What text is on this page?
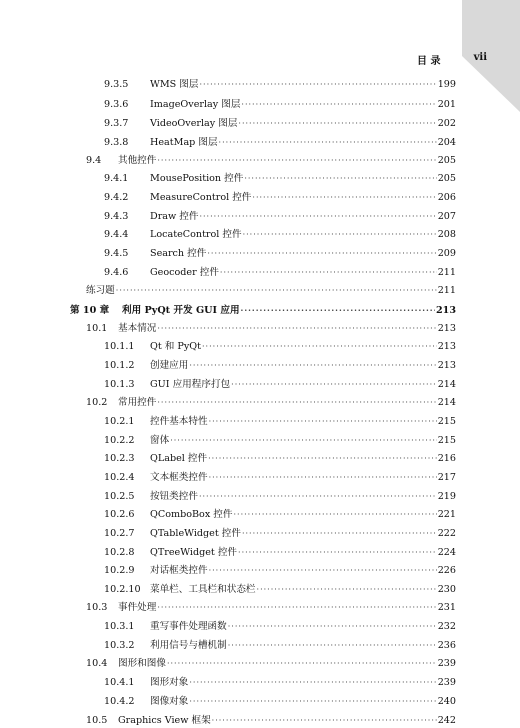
目 录	vii
9.3.5	WMS 图层 ·····	199
9.3.6	ImageOverlay 图层 ·····	201
9.3.7	VideoOverlay 图层 ·····	202
9.3.8	HeatMap 图层 ·····	204
9.4	其他控件 ·····	205
9.4.1	MousePosition 控件 ·····	205
9.4.2	MeasureControl 控件 ·····	206
9.4.3	Draw 控件 ·····	207
9.4.4	LocateControl 控件 ·····	208
9.4.5	Search 控件 ·····	209
9.4.6	Geocoder 控件 ·····	211
练习题 ·····	211
第 10 章	利用 PyQt 开发 GUI 应用 ·····	213
10.1	基本情况 ·····	213
10.1.1	Qt 和 PyQt ·····	213
10.1.2	创建应用 ·····	213
10.1.3	GUI 应用程序打包 ·····	214
10.2	常用控件 ·····	214
10.2.1	控件基本特性 ·····	215
10.2.2	窗体 ·····	215
10.2.3	QLabel 控件 ·····	216
10.2.4	文本框类控件 ·····	217
10.2.5	按钮类控件 ·····	219
10.2.6	QComboBox 控件 ·····	221
10.2.7	QTableWidget 控件 ·····	222
10.2.8	QTreeWidget 控件 ·····	224
10.2.9	对话框类控件 ·····	226
10.2.10 菜单栏、工具栏和状态栏 ·····	230
10.3	事件处理 ·····	231
10.3.1	重写事件处理函数 ·····	232
10.3.2	利用信号与槽机制 ·····	236
10.4	图形和图像 ·····	239
10.4.1	图形对象 ·····	239
10.4.2	图像对象 ·····	240
10.5	Graphics View 框架 ·····	242
